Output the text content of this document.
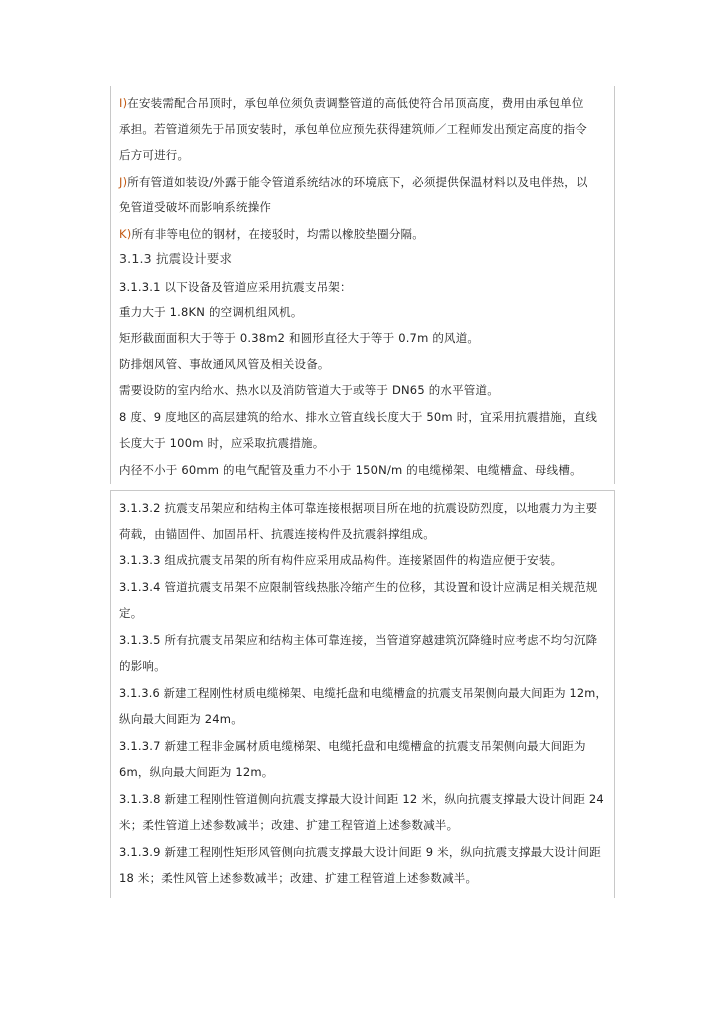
I)在安装需配合吊顶时，承包单位须负责调整管道的高低使符合吊顶高度，费用由承包单位
承担。若管道须先于吊顶安装时，承包单位应预先获得建筑师／工程师发出预定高度的指令
后方可进行。
J)所有管道如装设/外露于能令管道系统结冰的环境底下，必须提供保温材料以及电伴热，以
免管道受破坏而影响系统操作
K)所有非等电位的钢材，在接驳时，均需以橡胶垫圈分隔。
3.1.3 抗震设计要求
3.1.3.1 以下设备及管道应采用抗震支吊架：
重力大于 1.8KN 的空调机组风机。
矩形截面面积大于等于 0.38m2 和圆形直径大于等于 0.7m 的风道。
防排烟风管、事故通风风管及相关设备。
需要设防的室内给水、热水以及消防管道大于或等于 DN65 的水平管道。
8 度、9 度地区的高层建筑的给水、排水立管直线长度大于 50m 时，宜采用抗震措施，直线
长度大于 100m 时，应采取抗震措施。
内径不小于 60mm 的电气配管及重力不小于 150N/m 的电缆梯架、电缆槽盒、母线槽。
3.1.3.2 抗震支吊架应和结构主体可靠连接根据项目所在地的抗震设防烈度，以地震力为主要
荷载，由锚固件、加固吊杆、抗震连接构件及抗震斜撑组成。
3.1.3.3 组成抗震支吊架的所有构件应采用成品构件。连接紧固件的构造应便于安装。
3.1.3.4 管道抗震支吊架不应限制管线热胀冷缩产生的位移，其设置和设计应满足相关规范规
定。
3.1.3.5 所有抗震支吊架应和结构主体可靠连接，当管道穿越建筑沉降缝时应考虑不均匀沉降
的影响。
3.1.3.6 新建工程刚性材质电缆梯架、电缆托盘和电缆槽盒的抗震支吊架侧向最大间距为 12m，
纵向最大间距为 24m。
3.1.3.7 新建工程非金属材质电缆梯架、电缆托盘和电缆槽盒的抗震支吊架侧向最大间距为
6m，纵向最大间距为 12m。
3.1.3.8 新建工程刚性管道侧向抗震支撑最大设计间距 12 米，纵向抗震支撑最大设计间距 24
米；柔性管道上述参数减半；改建、扩建工程管道上述参数减半。
3.1.3.9 新建工程刚性矩形风管侧向抗震支撑最大设计间距 9 米，纵向抗震支撑最大设计间距
18 米；柔性风管上述参数减半；改建、扩建工程管道上述参数减半。
